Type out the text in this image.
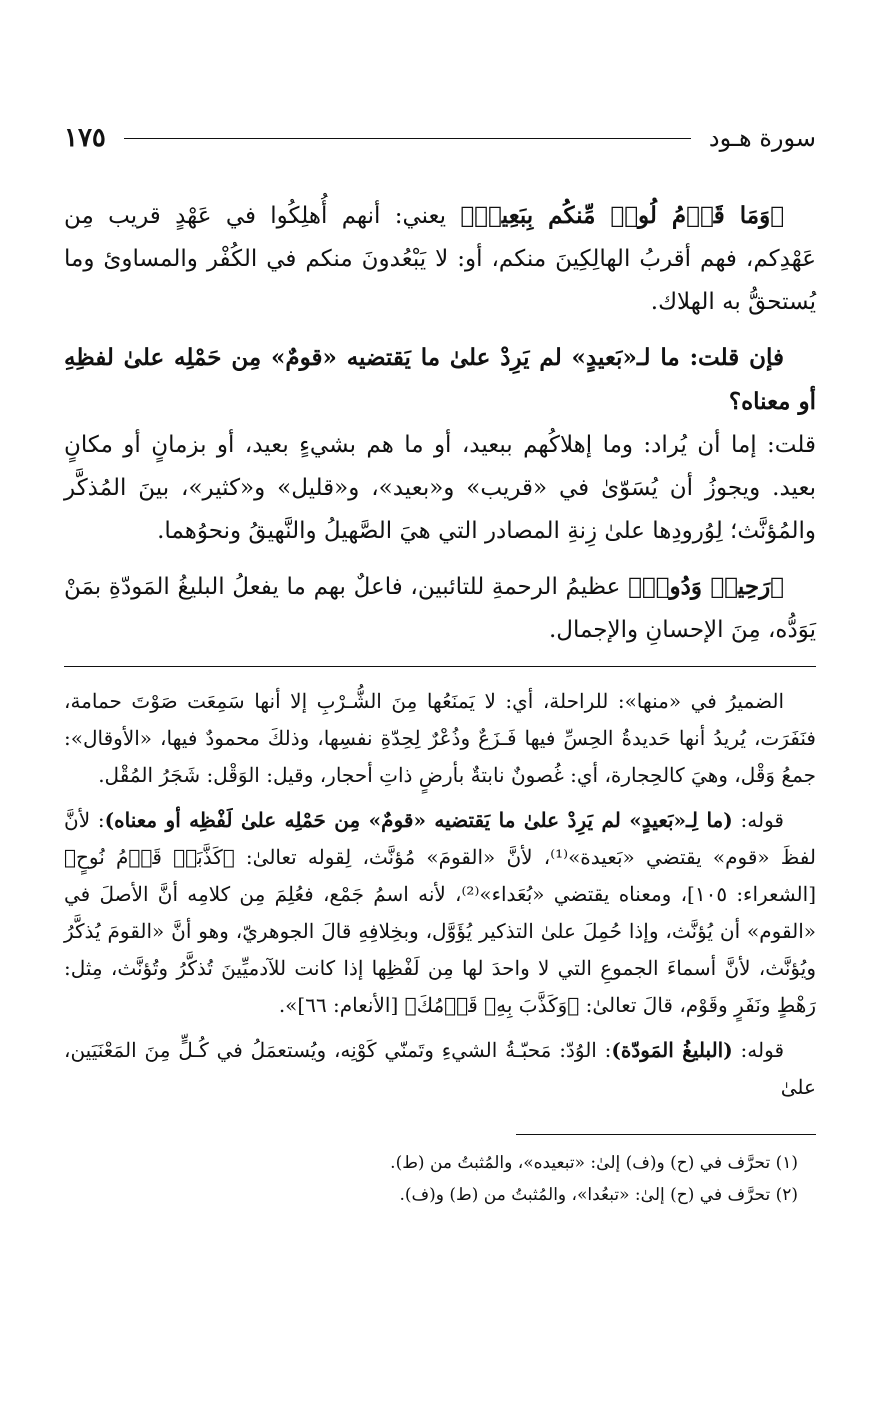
سورة هـود
١٧٥

﴿وَمَا قَوۡمُ لُوطٖ مِّنكُم بِبَعِيدٖ﴾ يعني: أنهم أُهلِكُوا في عَهْدٍ قريب مِن عَهْدِكم، فهم أقربُ الهالِكِينَ منكم، أو: لا يَبْعُدونَ منكم في الكُفْر والمساوئ وما يُستحقُّ به الهلاك.

فإن قلت: ما لـ«بَعيدٍ» لم يَرِدْ علىٰ ما يَقتضيه «قومٌ» مِن حَمْلِه علىٰ لفظِهِ أو معناه؟
قلت: إما أن يُراد: وما إهلاكُهم ببعيد، أو ما هم بشيءٍ بعيد، أو بزمانٍ أو مكانٍ بعيد. ويجوزُ أن يُسَوّىٰ في «قريب» و«بعيد»، و«قليل» و«كثير»، بينَ المُذكَّر والمُؤنَّث؛ لِوُرودِها علىٰ زِنةِ المصادر التي هيَ الصَّهيلُ والنَّهيقُ ونحوُهما.

﴿رَحِيمٞ وَدُودٞ﴾ عظيمُ الرحمةِ للتائبين، فاعلٌ بهم ما يفعلُ البليغُ المَودّةِ بمَنْ يَوَدُّه، مِنَ الإحسانِ والإجمال.

الضميرُ في «منها»: للراحلة، أي: لا يَمنَعُها مِنَ الشُّـرْبِ إلا أنها سَمِعَت صَوْتَ حمامة، فنَفَرَت، يُريدُ أنها حَديدةُ الحِسِّ فيها فَـزَعٌ وذُعْرٌ لِحِدّةِ نفسِها، وذلكَ محمودٌ فيها، «الأوقال»: جمعُ وَقْل، وهيَ كالحِجارة، أي: غُصونٌ نابتةٌ بأرضٍ ذاتِ أحجار، وقيل: الوَقْل: شَجَرُ المُقْل.

قوله: (ما لِـ«بَعيدٍ» لم يَرِدْ علىٰ ما يَقتضيه «قومٌ» مِن حَمْلِه علىٰ لَفْظِه أو معناه): لأنَّ لفظَ «قوم» يقتضي «بَعيدة»⁽¹⁾، لأنَّ «القومَ» مُؤنَّث، لِقوله تعالىٰ: ﴿كَذَّبَتۡ قَوۡمُ نُوحٍ﴾ [الشعراء: ١٠٥]، ومعناه يقتضي «بُعَداء»⁽²⁾، لأنه اسمُ جَمْع، فعُلِمَ مِن كلامِه أنَّ الأصلَ في «القوم» أن يُؤنَّث، وإذا حُمِلَ علىٰ التذكير يُؤَوَّل، وبخِلافِهِ قالَ الجوهريّ، وهو أنَّ «القومَ يُذكَّرُ ويُؤنَّث، لأنَّ أسماءَ الجموعِ التي لا واحدَ لها مِن لَفْظِها إذا كانت للآدميِّينَ تُذكَّرُ وتُؤنَّث، مِثل: رَهْطٍ ونَفَرٍ وقَوْم، قالَ تعالىٰ: ﴿وَكَذَّبَ بِهِۦ قَوۡمُكَ﴾ [الأنعام: ٦٦]».

قوله: (البليغُ المَودّة): الوُدّ: مَحبّـةُ الشيءِ وتَمنّي كَوْنِه، ويُستعمَلُ في كُـلٍّ مِنَ المَعْنَيَين، علىٰ

(١) تحرَّف في (ح) و(ف) إلىٰ: «تبعيده»، والمُثبتُ من (ط).

(٢) تحرَّف في (ح) إلىٰ: «تبعُدا»، والمُثبتُ من (ط) و(ف).
